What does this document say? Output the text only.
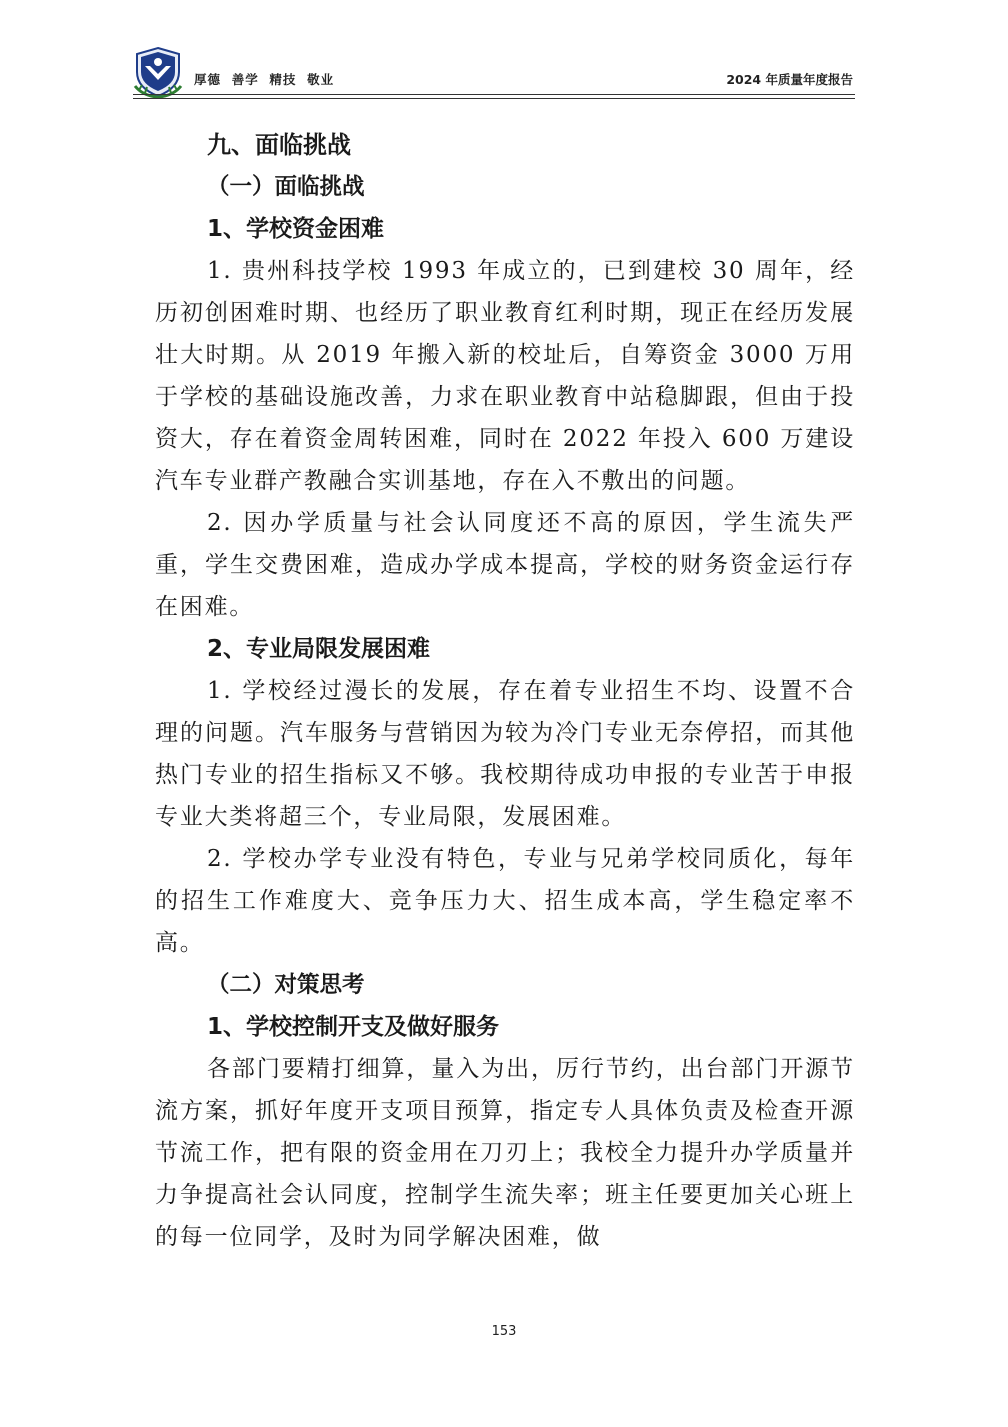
厚德  善学  精技  敬业	2024 年质量年度报告
九、面临挑战
（一）面临挑战
1、学校资金困难

1. 贵州科技学校 1993 年成立的，已到建校 30 周年，经历初创困难时期、也经历了职业教育红利时期，现正在经历发展壮大时期。从 2019 年搬入新的校址后，自筹资金 3000 万用于学校的基础设施改善，力求在职业教育中站稳脚跟，但由于投资大，存在着资金周转困难，同时在 2022 年投入 600 万建设汽车专业群产教融合实训基地，存在入不敷出的问题。

2. 因办学质量与社会认同度还不高的原因，学生流失严重，学生交费困难，造成办学成本提高，学校的财务资金运行存在困难。

2、专业局限发展困难

1. 学校经过漫长的发展，存在着专业招生不均、设置不合理的问题。汽车服务与营销因为较为冷门专业无奈停招，而其他热门专业的招生指标又不够。我校期待成功申报的专业苦于申报专业大类将超三个，专业局限，发展困难。

2. 学校办学专业没有特色，专业与兄弟学校同质化，每年的招生工作难度大、竞争压力大、招生成本高，学生稳定率不高。

（二）对策思考
1、学校控制开支及做好服务

各部门要精打细算，量入为出，厉行节约，出台部门开源节流方案，抓好年度开支项目预算，指定专人具体负责及检查开源节流工作，把有限的资金用在刀刃上；我校全力提升办学质量并力争提高社会认同度，控制学生流失率；班主任要更加关心班上的每一位同学，及时为同学解决困难，做

153
